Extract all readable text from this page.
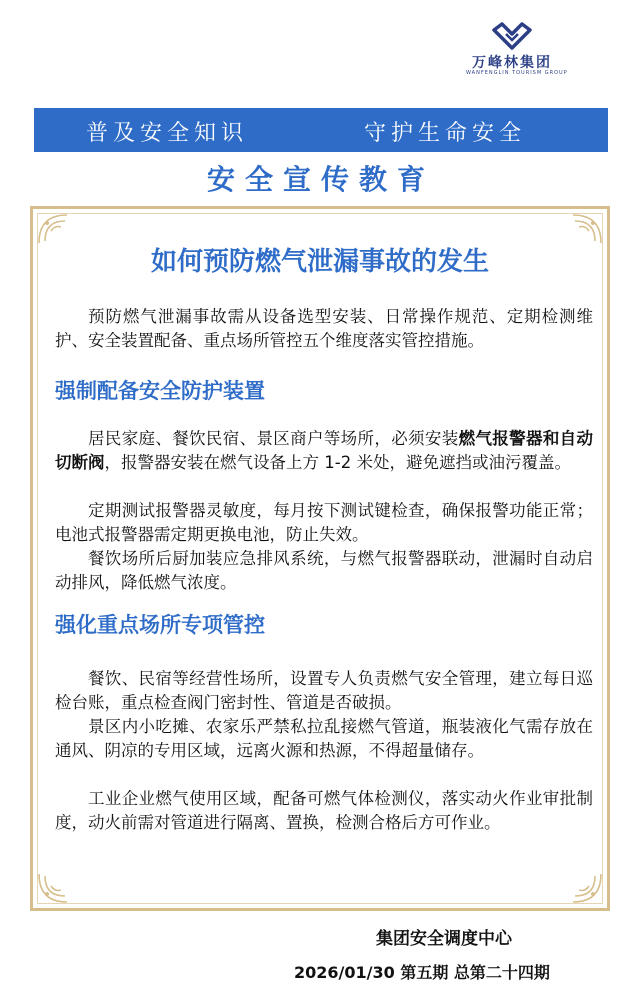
万峰林集团
WANFENGLIN TOURISM GROUP
普及安全知识	守护生命安全
安全宣传教育
如何预防燃气泄漏事故的发生
预防燃气泄漏事故需从设备选型安装、日常操作规范、定期检测维护、安全装置配备、重点场所管控五个维度落实管控措施。
强制配备安全防护装置
居民家庭、餐饮民宿、景区商户等场所，必须安装燃气报警器和自动切断阀，报警器安装在燃气设备上方 1-2 米处，避免遮挡或油污覆盖。
定期测试报警器灵敏度，每月按下测试键检查，确保报警功能正常；电池式报警器需定期更换电池，防止失效。
餐饮场所后厨加装应急排风系统，与燃气报警器联动，泄漏时自动启动排风，降低燃气浓度。
强化重点场所专项管控
餐饮、民宿等经营性场所，设置专人负责燃气安全管理，建立每日巡检台账，重点检查阀门密封性、管道是否破损。
景区内小吃摊、农家乐严禁私拉乱接燃气管道，瓶装液化气需存放在通风、阴凉的专用区域，远离火源和热源，不得超量储存。
工业企业燃气使用区域，配备可燃气体检测仪，落实动火作业审批制度，动火前需对管道进行隔离、置换，检测合格后方可作业。
集团安全调度中心
2026/01/30 第五期 总第二十四期
